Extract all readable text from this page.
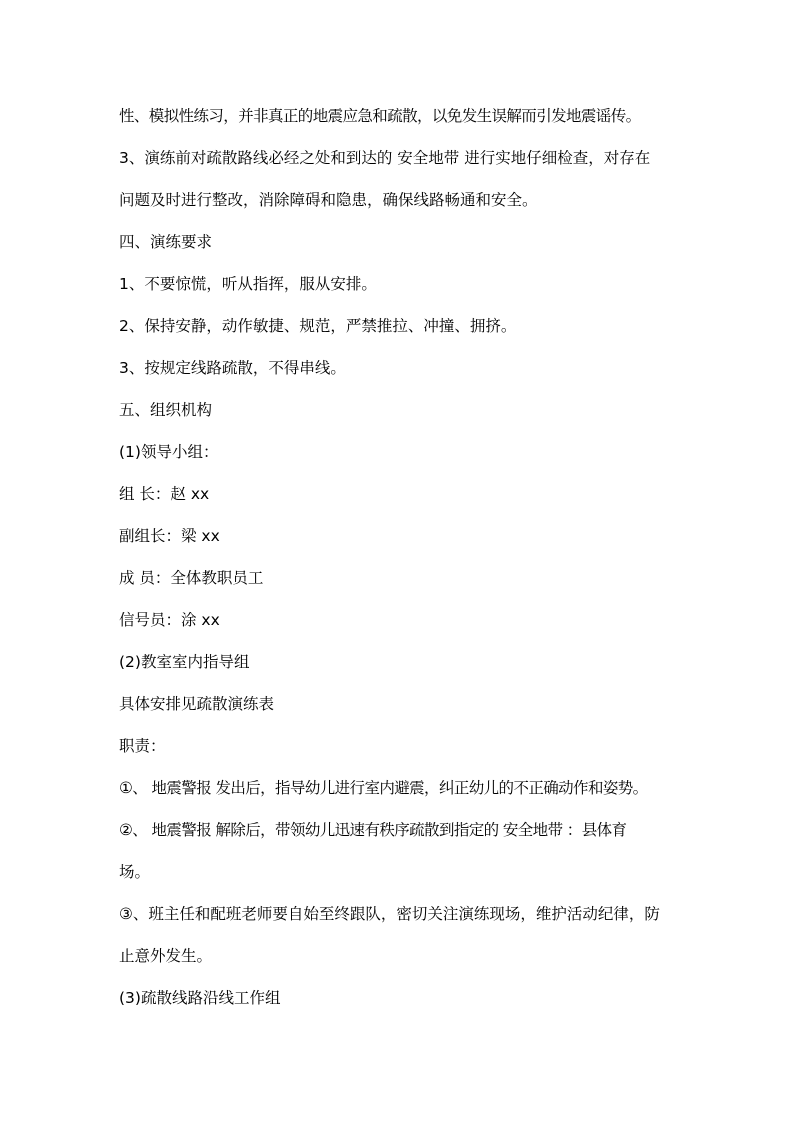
性、模拟性练习，并非真正的地震应急和疏散，以免发生误解而引发地震谣传。
3、演练前对疏散路线必经之处和到达的 安全地带 进行实地仔细检查，对存在
问题及时进行整改，消除障碍和隐患，确保线路畅通和安全。
四、演练要求
1、不要惊慌，听从指挥，服从安排。
2、保持安静，动作敏捷、规范，严禁推拉、冲撞、拥挤。
3、按规定线路疏散，不得串线。
五、组织机构
(1)领导小组：
组 长：赵 xx
副组长：梁 xx
成 员：全体教职员工
信号员：涂 xx
(2)教室室内指导组
具体安排见疏散演练表
职责：
①、 地震警报 发出后，指导幼儿进行室内避震，纠正幼儿的不正确动作和姿势。
②、 地震警报 解除后，带领幼儿迅速有秩序疏散到指定的 安全地带 ：县体育
场。
③、班主任和配班老师要自始至终跟队，密切关注演练现场，维护活动纪律，防
止意外发生。
(3)疏散线路沿线工作组
